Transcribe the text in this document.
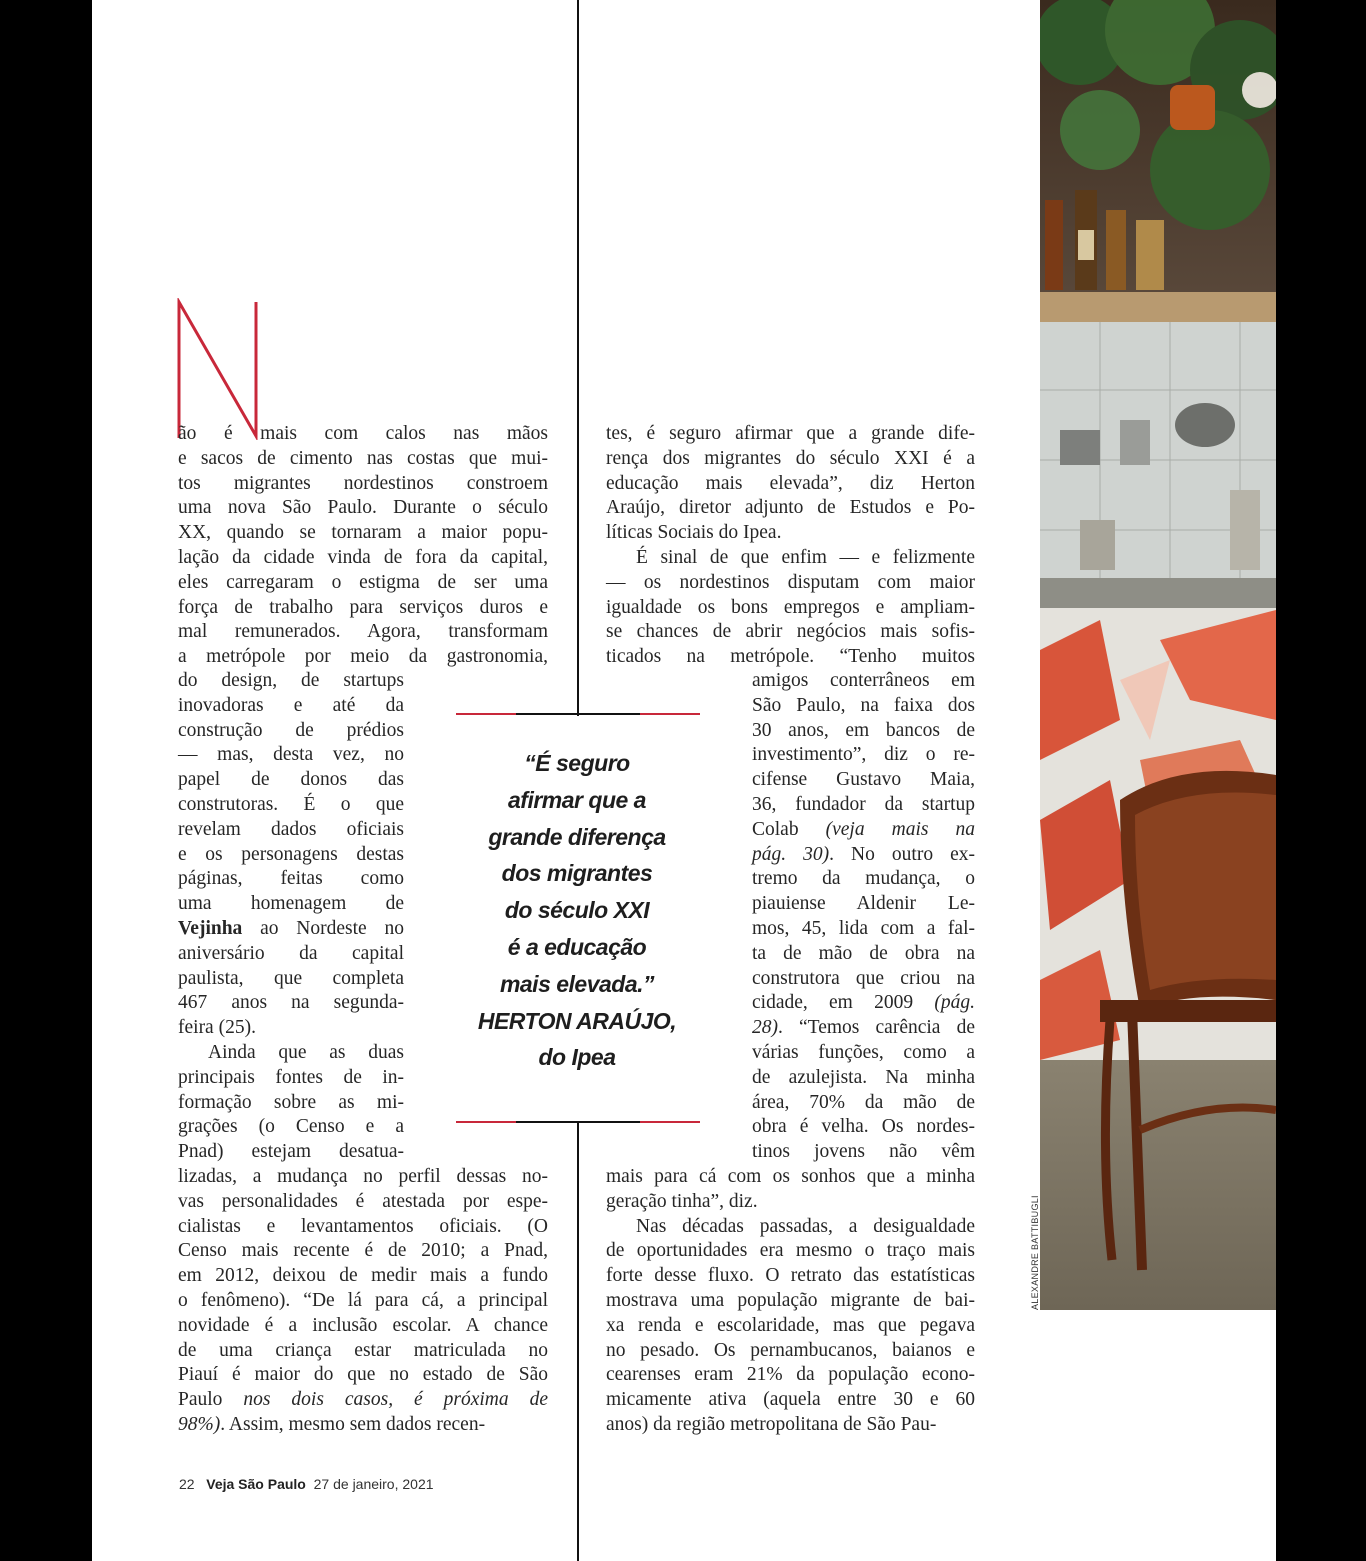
N
ão é mais com calos nas mãos
e sacos de cimento nas costas que mui-
tos migrantes nordestinos constroem
uma nova São Paulo. Durante o século
XX, quando se tornaram a maior popu-
lação da cidade vinda de fora da capital,
eles carregaram o estigma de ser uma
força de trabalho para serviços duros e
mal remunerados. Agora, transformam
a metrópole por meio da gastronomia,
do design, de startups
inovadoras e até da
construção de prédios
— mas, desta vez, no
papel de donos das
construtoras. É o que
revelam dados oficiais
e os personagens destas
páginas, feitas como
uma homenagem de
Vejinha ao Nordeste no
aniversário da capital
paulista, que completa
467 anos na segunda-
feira (25).
Ainda que as duas
principais fontes de in-
formação sobre as mi-
grações (o Censo e a
Pnad) estejam desatua-
lizadas, a mudança no perfil dessas no-
vas personalidades é atestada por espe-
cialistas e levantamentos oficiais. (O
Censo mais recente é de 2010; a Pnad,
em 2012, deixou de medir mais a fundo
o fenômeno). “De lá para cá, a principal
novidade é a inclusão escolar. A chance
de uma criança estar matriculada no
Piauí é maior do que no estado de São
Paulo nos dois casos, é próxima de
98%). Assim, mesmo sem dados recen-
tes, é seguro afirmar que a grande dife-
rença dos migrantes do século XXI é a
educação mais elevada”, diz Herton
Araújo, diretor adjunto de Estudos e Po-
líticas Sociais do Ipea.
É sinal de que enfim — e felizmente
— os nordestinos disputam com maior
igualdade os bons empregos e ampliam-
se chances de abrir negócios mais sofis-
ticados na metrópole. “Tenho muitos
amigos conterrâneos em
São Paulo, na faixa dos
30 anos, em bancos de
investimento”, diz o re-
cifense Gustavo Maia,
36, fundador da startup
Colab (veja mais na
pág. 30). No outro ex-
tremo da mudança, o
piauiense Aldenir Le-
mos, 45, lida com a fal-
ta de mão de obra na
construtora que criou na
cidade, em 2009 (pág.
28). “Temos carência de
várias funções, como a
de azulejista. Na minha
área, 70% da mão de
obra é velha. Os nordes-
tinos jovens não vêm
mais para cá com os sonhos que a minha
geração tinha”, diz.
Nas décadas passadas, a desigualdade
de oportunidades era mesmo o traço mais
forte desse fluxo. O retrato das estatísticas
mostrava uma população migrante de bai-
xa renda e escolaridade, mas que pegava
no pesado. Os pernambucanos, baianos e
cearenses eram 21% da população econo-
micamente ativa (aquela entre 30 e 60
anos) da região metropolitana de São Pau-
“É seguro
afirmar que a
grande diferença
dos migrantes
do século XXI
é a educação
mais elevada.”
HERTON ARAÚJO,
do Ipea
ALEXANDRE BATTIBUGLI
22 Veja São Paulo 27 de janeiro, 2021
